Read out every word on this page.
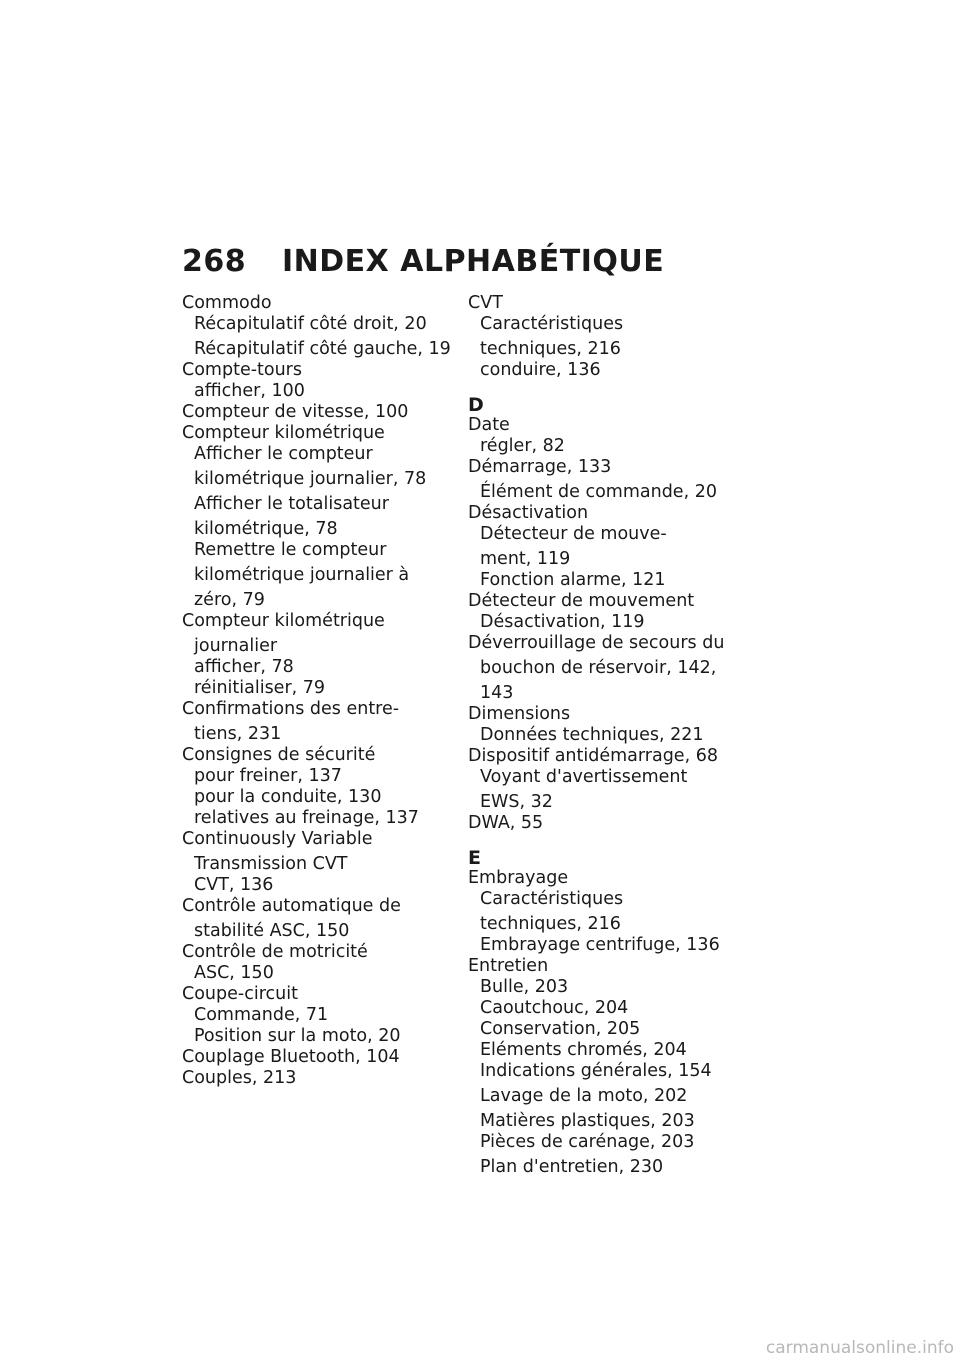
268 INDEX ALPHABÉTIQUE
Commodo
Récapitulatif côté droit, 20
Récapitulatif côté gauche, 19
Compte-tours
afficher, 100
Compteur de vitesse, 100
Compteur kilométrique
Afficher le compteur
kilométrique journalier, 78
Afficher le totalisateur
kilométrique, 78
Remettre le compteur
kilométrique journalier à
zéro, 79
Compteur kilométrique
journalier
afficher, 78
réinitialiser, 79
Confirmations des entre-
tiens, 231
Consignes de sécurité
pour freiner, 137
pour la conduite, 130
relatives au freinage, 137
Continuously Variable
Transmission CVT
CVT, 136
Contrôle automatique de
stabilité ASC, 150
Contrôle de motricité
ASC, 150
Coupe-circuit
Commande, 71
Position sur la moto, 20
Couplage Bluetooth, 104
Couples, 213
CVT
Caractéristiques
techniques, 216
conduire, 136
D
Date
régler, 82
Démarrage, 133
Élément de commande, 20
Désactivation
Détecteur de mouve-
ment, 119
Fonction alarme, 121
Détecteur de mouvement
Désactivation, 119
Déverrouillage de secours du
bouchon de réservoir, 142,
143
Dimensions
Données techniques, 221
Dispositif antidémarrage, 68
Voyant d'avertissement
EWS, 32
DWA, 55
E
Embrayage
Caractéristiques
techniques, 216
Embrayage centrifuge, 136
Entretien
Bulle, 203
Caoutchouc, 204
Conservation, 205
Eléments chromés, 204
Indications générales, 154
Lavage de la moto, 202
Matières plastiques, 203
Pièces de carénage, 203
Plan d'entretien, 230
carmanualsonline.info
